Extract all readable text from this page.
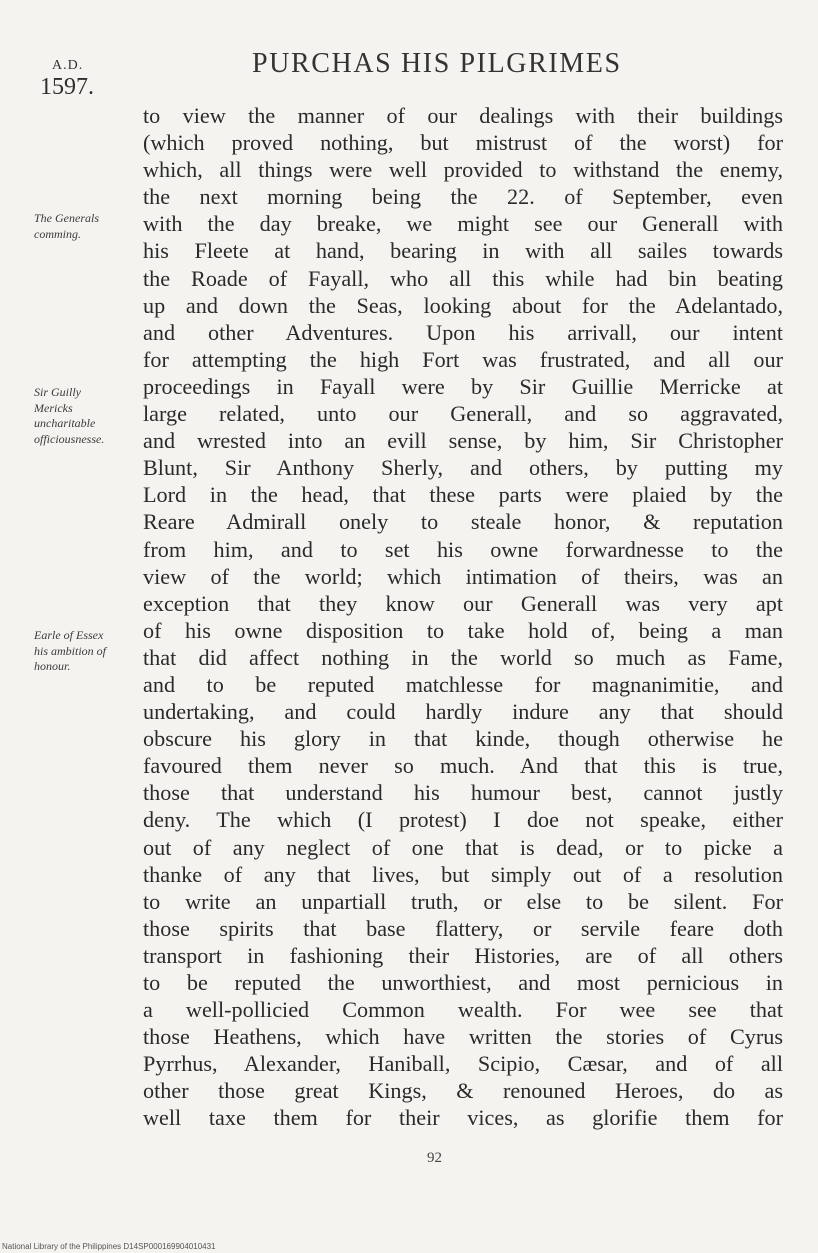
A.D.
1597.
PURCHAS HIS PILGRIMES
to view the manner of our dealings with their buildings
(which proved nothing, but mistrust of the worst) for
which, all things were well provided to withstand the enemy,
the next morning being the 22. of September, even
with the day breake, we might see our Generall with
his Fleete at hand, bearing in with all sailes towards
the Roade of Fayall, who all this while had bin beating
up and down the Seas, looking about for the Adelantado,
and other Adventures. Upon his arrivall, our intent
for attempting the high Fort was frustrated, and all our
proceedings in Fayall were by Sir Guillie Merricke at
large related, unto our Generall, and so aggravated,
and wrested into an evill sense, by him, Sir Christopher
Blunt, Sir Anthony Sherly, and others, by putting my
Lord in the head, that these parts were plaied by the
Reare Admirall onely to steale honor, & reputation
from him, and to set his owne forwardnesse to the
view of the world; which intimation of theirs, was an
exception that they know our Generall was very apt
of his owne disposition to take hold of, being a man
that did affect nothing in the world so much as Fame,
and to be reputed matchlesse for magnanimitie, and
undertaking, and could hardly indure any that should
obscure his glory in that kinde, though otherwise he
favoured them never so much. And that this is true,
those that understand his humour best, cannot justly
deny. The which (I protest) I doe not speake, either
out of any neglect of one that is dead, or to picke a
thanke of any that lives, but simply out of a resolution
to write an unpartiall truth, or else to be silent. For
those spirits that base flattery, or servile feare doth
transport in fashioning their Histories, are of all others
to be reputed the unworthiest, and most pernicious in
a well-pollicied Common wealth. For wee see that
those Heathens, which have written the stories of Cyrus
Pyrrhus, Alexander, Haniball, Scipio, Cæsar, and of all
other those great Kings, & renouned Heroes, do as
well taxe them for their vices, as glorifie them for
The Generals
comming.
Sir Guilly
Mericks
uncharitable
officiousnesse.
Earle of Essex
his ambition of
honour.
92
National Library of the Philippines D14SP000169904010431
